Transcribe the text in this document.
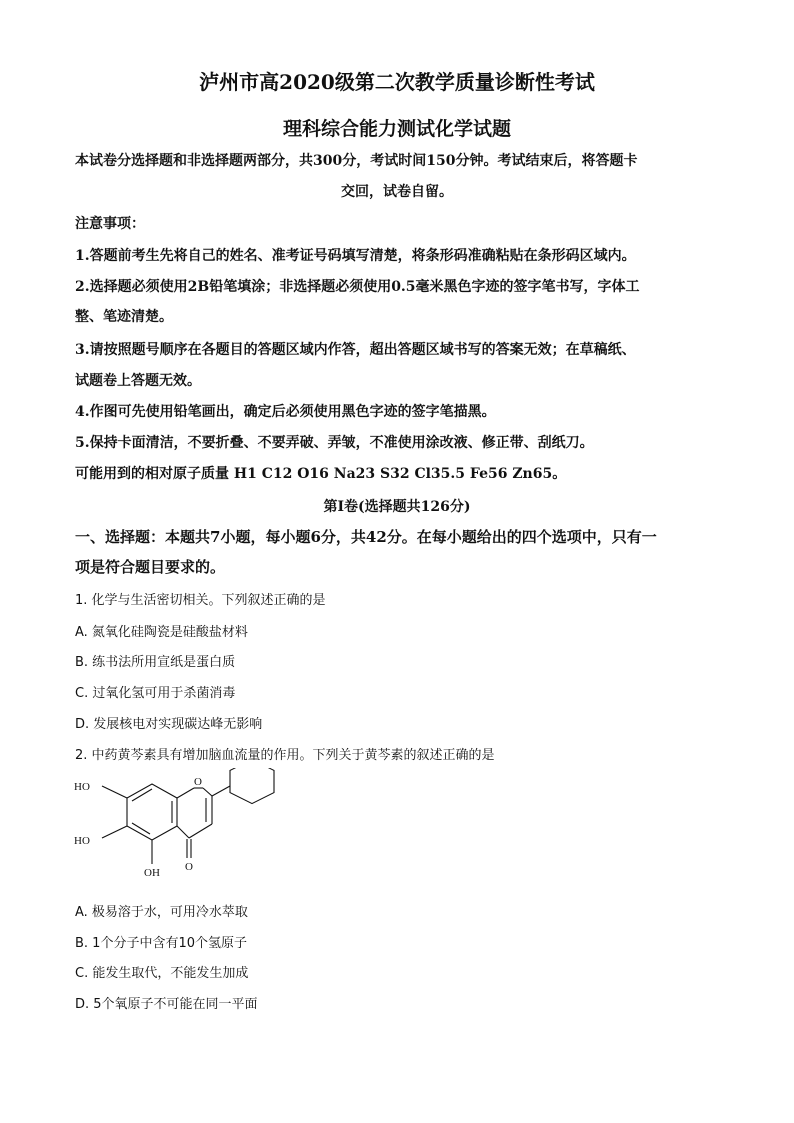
泸州市高2020级第二次教学质量诊断性考试
理科综合能力测试化学试题
本试卷分选择题和非选择题两部分，共300分，考试时间150分钟。考试结束后，将答题卡
交回，试卷自留。
注意事项：
1.答题前考生先将自己的姓名、准考证号码填写清楚，将条形码准确粘贴在条形码区域内。
2.选择题必须使用2B铅笔填涂；非选择题必须使用0.5毫米黑色字迹的签字笔书写，字体工
整、笔迹清楚。
3.请按照题号顺序在各题目的答题区域内作答，超出答题区域书写的答案无效；在草稿纸、
试题卷上答题无效。
4.作图可先使用铅笔画出，确定后必须使用黑色字迹的签字笔描黑。
5.保持卡面清洁，不要折叠、不要弄破、弄皱，不准使用涂改液、修正带、刮纸刀。
可能用到的相对原子质量 H1 C12 O16 Na23 S32 Cl35.5 Fe56 Zn65。
第I卷(选择题共126分)
一、选择题：本题共7小题，每小题6分，共42分。在每小题给出的四个选项中，只有一
项是符合题目要求的。
1. 化学与生活密切相关。下列叙述正确的是
A. 氮氧化硅陶瓷是硅酸盐材料
B. 练书法所用宣纸是蛋白质
C. 过氧化氢可用于杀菌消毒
D. 发展核电对实现碳达峰无影响
2. 中药黄芩素具有增加脑血流量的作用。下列关于黄芩素的叙述正确的是
HO
HO
OH O
O
A. 极易溶于水，可用冷水萃取
B. 1个分子中含有10个氢原子
C. 能发生取代，不能发生加成
D. 5个氧原子不可能在同一平面
